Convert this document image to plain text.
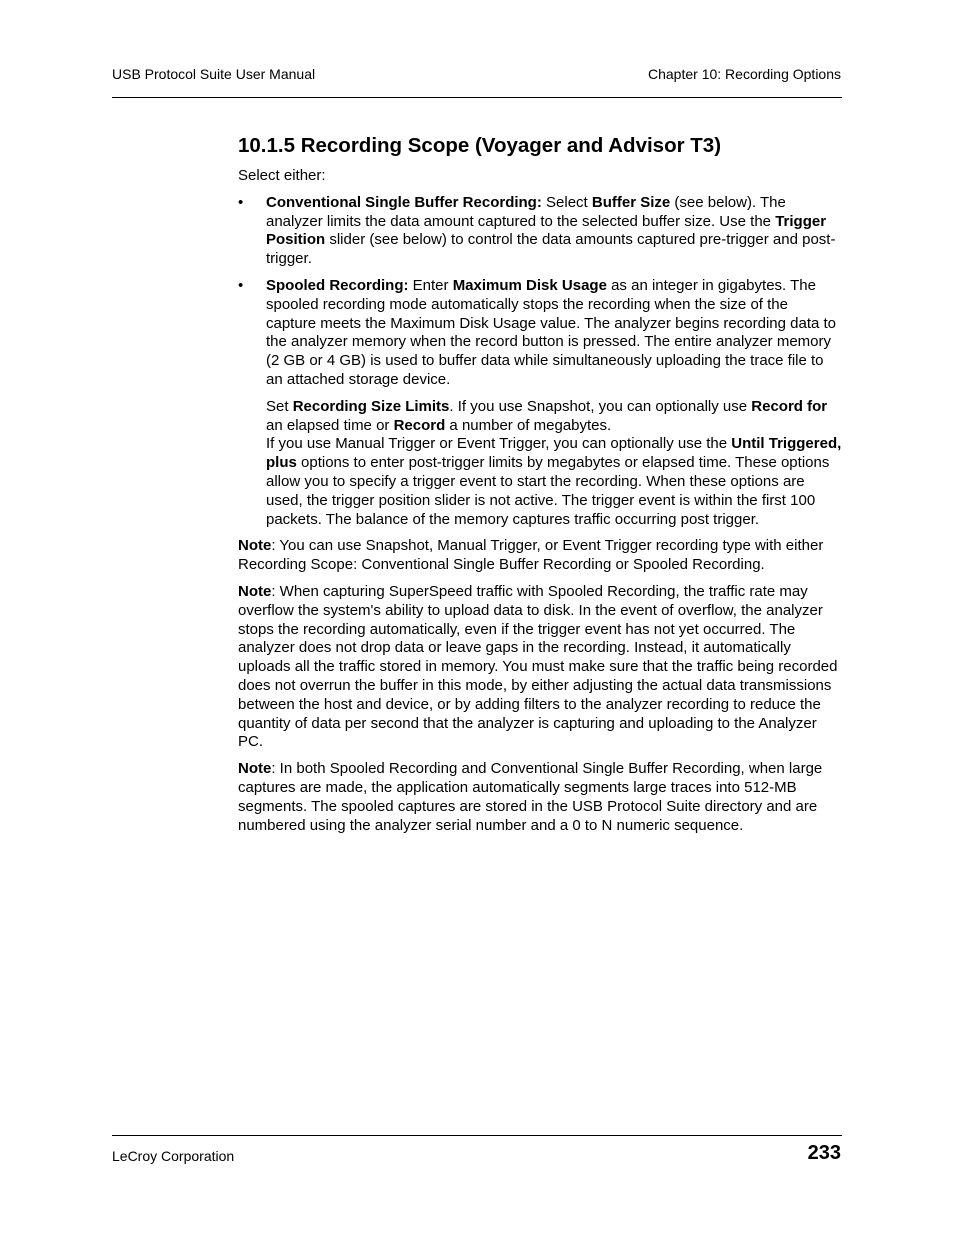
USB Protocol Suite User Manual	Chapter 10: Recording Options
10.1.5 Recording Scope (Voyager and Advisor T3)

Select either:

• Conventional Single Buffer Recording: Select Buffer Size (see below). The analyzer limits the data amount captured to the selected buffer size. Use the Trigger Position slider (see below) to control the data amounts captured pre-trigger and post-trigger.
• Spooled Recording: Enter Maximum Disk Usage as an integer in gigabytes. The spooled recording mode automatically stops the recording when the size of the capture meets the Maximum Disk Usage value. The analyzer begins recording data to the analyzer memory when the record button is pressed. The entire analyzer memory (2 GB or 4 GB) is used to buffer data while simultaneously uploading the trace file to an attached storage device.

Set Recording Size Limits. If you use Snapshot, you can optionally use Record for an elapsed time or Record a number of megabytes.

If you use Manual Trigger or Event Trigger, you can optionally use the Until Triggered, plus options to enter post-trigger limits by megabytes or elapsed time. These options allow you to specify a trigger event to start the recording. When these options are used, the trigger position slider is not active. The trigger event is within the first 100 packets. The balance of the memory captures traffic occurring post trigger.

Note: You can use Snapshot, Manual Trigger, or Event Trigger recording type with either Recording Scope: Conventional Single Buffer Recording or Spooled Recording.

Note: When capturing SuperSpeed traffic with Spooled Recording, the traffic rate may overflow the system's ability to upload data to disk. In the event of overflow, the analyzer stops the recording automatically, even if the trigger event has not yet occurred. The analyzer does not drop data or leave gaps in the recording. Instead, it automatically uploads all the traffic stored in memory. You must make sure that the traffic being recorded does not overrun the buffer in this mode, by either adjusting the actual data transmissions between the host and device, or by adding filters to the analyzer recording to reduce the quantity of data per second that the analyzer is capturing and uploading to the Analyzer PC.

Note: In both Spooled Recording and Conventional Single Buffer Recording, when large captures are made, the application automatically segments large traces into 512-MB segments. The spooled captures are stored in the USB Protocol Suite directory and are numbered using the analyzer serial number and a 0 to N numeric sequence.

LeCroy Corporation	233
